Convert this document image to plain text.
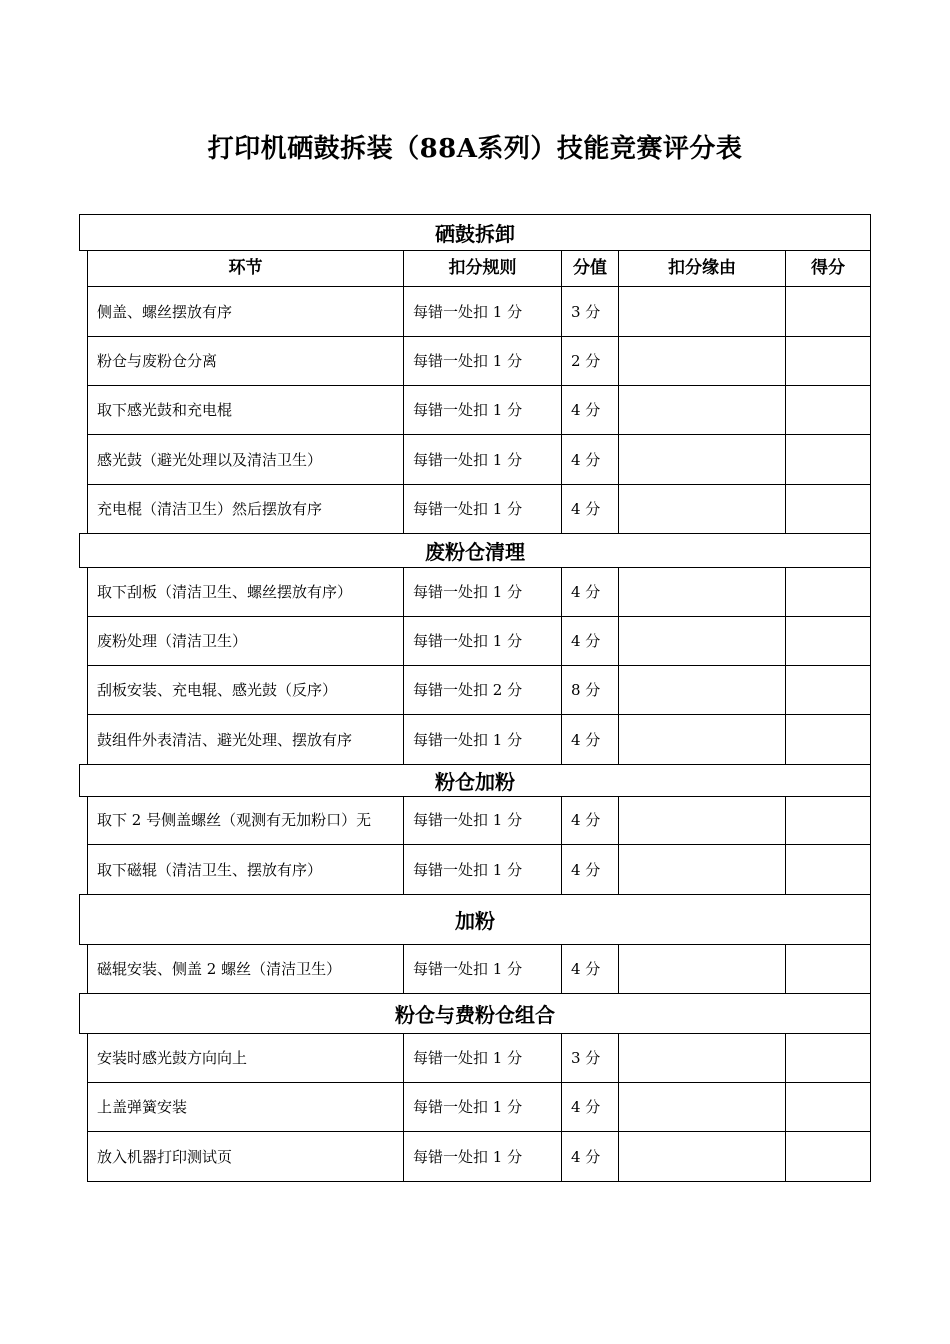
打印机硒鼓拆装（88A系列）技能竞赛评分表
硒鼓拆卸
环节	扣分规则	分值	扣分缘由	得分
侧盖、螺丝摆放有序	每错一处扣 1 分	3 分
粉仓与废粉仓分离	每错一处扣 1 分	2 分
取下感光鼓和充电棍	每错一处扣 1 分	4 分
感光鼓（避光处理以及清洁卫生）	每错一处扣 1 分	4 分
充电棍（清洁卫生）然后摆放有序	每错一处扣 1 分	4 分
废粉仓清理
取下刮板（清洁卫生、螺丝摆放有序）	每错一处扣 1 分	4 分
废粉处理（清洁卫生）	每错一处扣 1 分	4 分
刮板安装、充电辊、感光鼓（反序）	每错一处扣 2 分	8 分
鼓组件外表清洁、避光处理、摆放有序	每错一处扣 1 分	4 分
粉仓加粉
取下 2 号侧盖螺丝（观测有无加粉口）无	每错一处扣 1 分	4 分
取下磁辊（清洁卫生、摆放有序）	每错一处扣 1 分	4 分
加粉
磁辊安装、侧盖 2 螺丝（清洁卫生）	每错一处扣 1 分	4 分
粉仓与费粉仓组合
安装时感光鼓方向向上	每错一处扣 1 分	3 分
上盖弹簧安装	每错一处扣 1 分	4 分
放入机器打印测试页	每错一处扣 1 分	4 分
